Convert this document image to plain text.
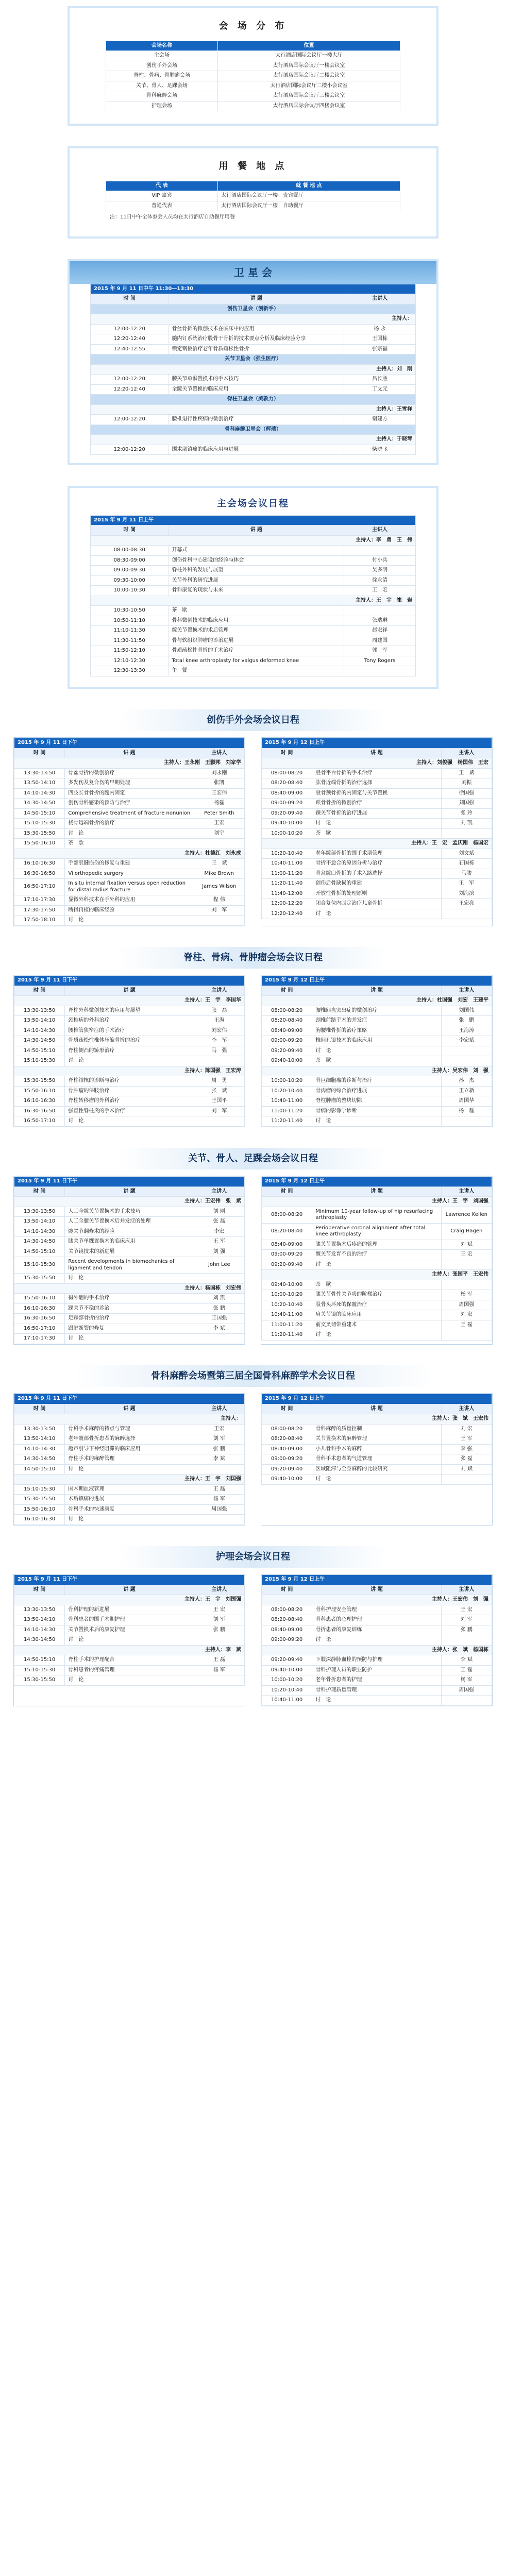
会 场 分 布
会场名称	位置
主会场	太行酒店国际会议厅一楼大厅
创伤手外会场	太行酒店国际会议厅一楼会议室
脊柱、骨病、骨肿瘤会场	太行酒店国际会议厅二楼会议室
关节、骨人、足踝会场	太行酒店国际会议厅二楼小会议室
骨科麻醉会场	太行酒店国际会议厅三楼会议室
护理会场	太行酒店国际会议厅四楼会议室
用 餐 地 点
代 表	就 餐 地 点
VIP 嘉宾	太行酒店国际会议厅一楼　贵宾餐厅
普通代表	太行酒店国际会议厅一楼　自助餐厅
注：11日中午全体参会人员均在太行酒店自助餐厅用餐
卫 星 会
2015 年 9 月 11 日中午 11:30—13:30		
时 间	讲 题	主讲人
创伤卫星会（创新手）		
主持人：		
12:00-12:20	骨盆骨折的微创技术在临床中的应用	杨 永
12:20-12:40	髓内钉系统治疗股骨干骨折的技术要点分析及临床经验分享	王国栋
12:40-12:55	锁定钢板治疗老年骨质疏松性骨折	张宗福
关节卫星会（强生医疗）		
主持人：刘　刚		
12:00-12:20	膝关节单髁置换术的手术技巧	吕长胜
12:20-12:40	全髋关节置换的临床应用	丁文元
脊柱卫星会（美敦力）		
主持人：王雪祥		
12:00-12:20	腰椎退行性疾病的微创治疗	谢建方
骨科麻醉卫星会（辉瑞）		
主持人：于晓琴		
12:00-12:20	围术期镇痛的临床应用与进展	柴晓飞
主会场会议日程
2015 年 9 月 11 日上午		
时 间	讲 题	主讲人
主持人：李　勇　王　伟		
08:00-08:30	开幕式	
08:30-09:00	创伤骨科中心建设的经验与体会	付小兵
09:00-09:30	脊柱外科的发展与展望	吴多明
09:30-10:00	关节外科的研究进展	徐永清
10:00-10:30	骨科康复的现状与未来	王　宏
主持人：王　宇　崔　岩		
10:30-10:50	茶　歇	
10:50-11:10	骨科微创技术的临床应用	张瑞琳
11:10-11:30	髋关节置换术的术后管理	赵宏祥
11:30-11:50	骨与软组织肿瘤的诊治进展	周建国
11:50-12:10	骨质疏松性骨折的手术治疗	郭　军
12:10-12:30	Total knee arthroplasty for valgus deformed knee	Tony Rogers
12:30-13:30	午　餐	
创伤手外会场会议日程
2015 年 9 月 11 日下午		
时 间	讲 题	主讲人
主持人：王永刚　王颢邦　刘家学		
13:30-13:50	骨盆骨折的微创治疗	刘永刚
13:50-14:10	多发伤及复合伤的早期处理	张凯
14:10-14:30	四肢长骨骨折的髓内固定	王宏伟
14:30-14:50	创伤骨科感染的预防与治疗	杨磊
14:50-15:10	Comprehensive treatment of fracture nonunion	Peter Smith
15:10-15:30	桡骨远端骨折的治疗	王宏
15:30-15:50	讨　论	刘宇
15:50-16:10	茶　歇	
主持人：杜德红　刘永成		
16:10-16:30	手部肌腱损伤的修复与重建	王　斌
16:30-16:50	Vi orthopedic surgery	Mike Brown
16:50-17:10	In situ internal fixation versus open reduction for distal radius fracture	James Wilson
17:10-17:30	显微外科技术在手外科的应用	程 伟
17:30-17:50	断指再植的临床经验	刘　军
17:50-18:10	讨　论	
2015 年 9 月 12 日上午		
时 间	讲 题	主讲人
主持人：刘俊强　杨国伟　王宏		
08:00-08:20	胫骨平台骨折的手术治疗	王　斌
08:20-08:40	肱骨近端骨折的治疗选择	刘振
08:40-09:00	股骨颈骨折的内固定与关节置换	徐国强
09:00-09:20	跟骨骨折的微创治疗	刘国强
09:20-09:40	踝关节骨折的治疗进展	张 玲
09:40-10:00	讨　论	刘 凯
10:00-10:20	茶　歇	
主持人：王　宏　孟庆刚　杨国宏		
10:20-10:40	老年髋部骨折的围手术期管理	刘文斌
10:40-11:00	骨折不愈合的原因分析与治疗	石国栋
11:00-11:20	骨盆髋臼骨折的手术入路选择	马骏
11:20-11:40	创伤后骨缺损的重建	王　军
11:40-12:00	开放性骨折的处理原则	刘海滨
12:00-12:20	闭合复位内固定治疗儿童骨折	王宏亮
12:20-12:40	讨　论	
脊柱、骨病、骨肿瘤会场会议日程
2015 年 9 月 11 日下午		
时 间	讲 题	主讲人
主持人：王　宇　李国华		
13:30-13:50	脊柱外科微创技术的应用与展望	张　磊
13:50-14:10	颈椎病的外科治疗	王海
14:10-14:30	腰椎管狭窄症的手术治疗	刘宏伟
14:30-14:50	骨质疏松性椎体压缩骨折的治疗	李　军
14:50-15:10	脊柱侧凸的矫形治疗	马　强
15:10-15:30	讨　论	
主持人：陈国强　王宏涛		
15:30-15:50	脊柱结核的诊断与治疗	周　勇
15:50-16:10	骨肿瘤的保肢治疗	张　斌
16:10-16:30	脊柱转移瘤的外科治疗	王国平
16:30-16:50	强直性脊柱炎的手术治疗	刘　军
16:50-17:10	讨　论	
2015 年 9 月 12 日上午		
时 间	讲 题	主讲人
主持人：杜国强　刘宏　王建平		
08:00-08:20	腰椎间盘突出症的微创治疗	刘国伟
08:20-08:40	颈椎前路手术的并发症	张　鹏
08:40-09:00	胸腰椎骨折的治疗策略	王海涛
09:00-09:20	椎间孔镜技术的临床应用	李宏斌
09:20-09:40	讨　论	
09:40-10:00	茶　歇	
主持人：吴宏伟　刘　强		
10:00-10:20	骨巨细胞瘤的诊断与治疗	孙　杰
10:20-10:40	骨肉瘤的综合治疗进展	王立新
10:40-11:00	脊柱肿瘤的整块切除	周国华
11:00-11:20	骨病的影像学诊断	杨　磊
11:20-11:40	讨　论	
关节、骨人、足踝会场会议日程
2015 年 9 月 11 日下午		
时 间	讲 题	主讲人
主持人：王宏伟　张　斌		
13:30-13:50	人工全髋关节置换术的手术技巧	刘 刚
13:50-14:10	人工全膝关节置换术后并发症的处理	张 磊
14:10-14:30	髋关节翻修术的经验	李宏
14:30-14:50	膝关节单髁置换术的临床应用	王 军
14:50-15:10	关节镜技术的新进展	刘 强
15:10-15:30	Recent developments in biomechanics of ligament and tendon	John Lee
15:30-15:50	讨　论	
主持人：杨国栋　刘宏伟		
15:50-16:10	拇外翻的手术治疗	刘 凯
16:10-16:30	踝关节不稳的诊治	张 鹏
16:30-16:50	足踝部骨折的治疗	王国强
16:50-17:10	跟腱断裂的修复	李 斌
17:10-17:30	讨　论	
2015 年 9 月 12 日上午		
时 间	讲 题	主讲人
主持人：王　宇　刘国强		
08:00-08:20	Minimum 10-year follow-up of hip resurfacing arthroplasty	Lawrence Kellen
08:20-08:40	Perioperative coronal alignment after total knee arthroplasty	Craig Hagen
08:40-09:00	膝关节置换术后疼痛的管理	刘 斌
09:00-09:20	髋关节发育不良的治疗	王 宏
09:20-09:40	讨　论	
主持人：张国平　王宏伟		
09:40-10:00	茶　歇	
10:00-10:20	膝关节骨性关节炎的阶梯治疗	杨 军
10:20-10:40	股骨头坏死的保髋治疗	周国强
10:40-11:00	肩关节镜的临床应用	刘 宏
11:00-11:20	前交叉韧带重建术	王 磊
11:20-11:40	讨　论	
骨科麻醉会场暨第三届全国骨科麻醉学术会议日程
2015 年 9 月 11 日下午		
时 间	讲 题	主讲人
主持人：		
13:30-13:50	骨科手术麻醉的特点与管理	王宏
13:50-14:10	老年髋部骨折患者的麻醉选择	刘 军
14:10-14:30	超声引导下神经阻滞的临床应用	张 鹏
14:30-14:50	脊柱手术的麻醉管理	李 斌
14:50-15:10	讨　论	
主持人：王　宇　刘国强		
15:10-15:30	围术期血液管理	王 磊
15:30-15:50	术后镇痛的进展	杨 军
15:50-16:10	骨科手术的快速康复	周国强
16:10-16:30	讨　论	
2015 年 9 月 12 日上午		
时 间	讲 题	主讲人
主持人：张　斌　王宏伟		
08:00-08:20	骨科麻醉的质量控制	刘 宏
08:20-08:40	关节置换术的麻醉管理	王 军
08:40-09:00	小儿骨科手术的麻醉	李 强
09:00-09:20	骨科手术患者的气道管理	张 磊
09:20-09:40	区域阻滞与全身麻醉的比较研究	刘 斌
09:40-10:00	讨　论	
护理会场会议日程
2015 年 9 月 11 日下午		
时 间	讲 题	主讲人
主持人：王　宇　刘国强		
13:30-13:50	骨科护理的新进展	王 宏
13:50-14:10	骨科患者的围手术期护理	刘 军
14:10-14:30	关节置换术后的康复护理	张 鹏
14:30-14:50	讨　论	
主持人：李　斌		
14:50-15:10	脊柱手术的护理配合	王 磊
15:10-15:30	骨科患者的疼痛管理	杨 军
15:30-15:50	讨　论	
2015 年 9 月 12 日上午		
时 间	讲 题	主讲人
主持人：王宏伟　刘　强		
08:00-08:20	骨科护理安全管理	王 宏
08:20-08:40	骨科患者的心理护理	刘 军
08:40-09:00	骨折患者的康复训练	张 鹏
09:00-09:20	讨　论	
主持人：张　斌　杨国栋		
09:20-09:40	下肢深静脉血栓的预防与护理	李 斌
09:40-10:00	骨科护理人员的职业防护	王 磊
10:00-10:20	老年骨折患者的护理	杨 军
10:20-10:40	骨科护理质量管理	周国强
10:40-11:00	讨　论	
